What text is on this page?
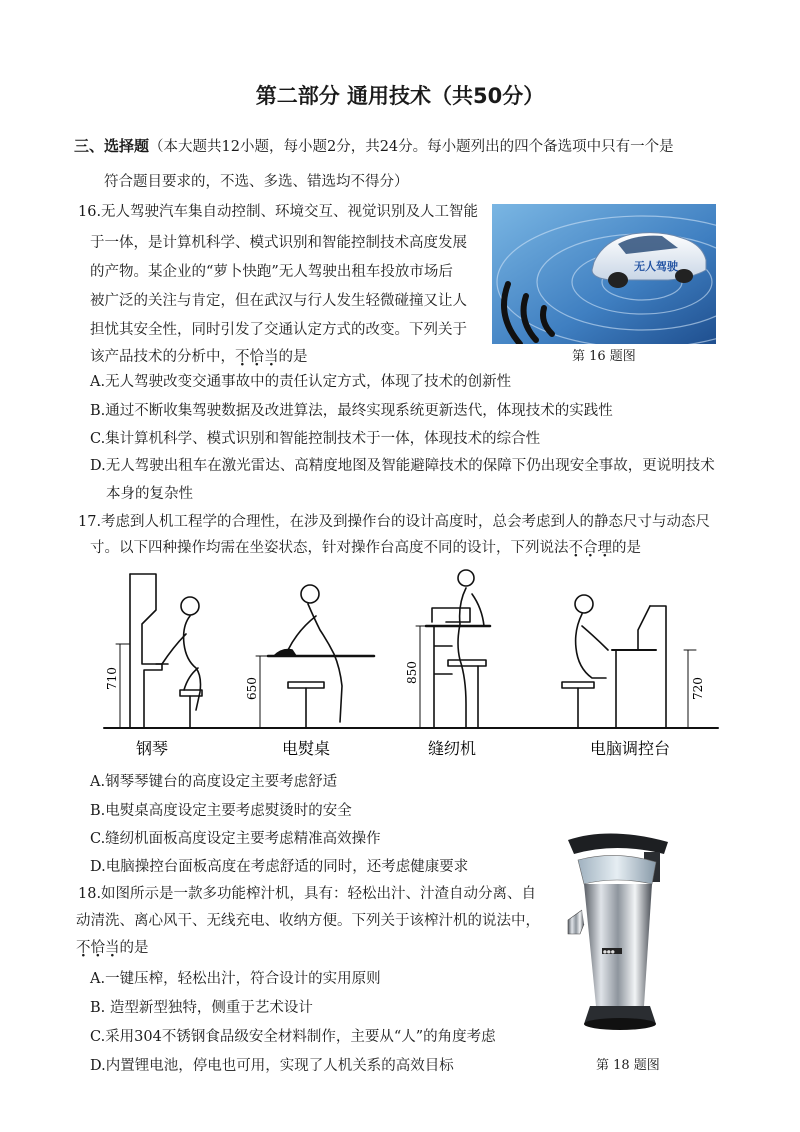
第二部分 通用技术（共50分）
三、选择题（本大题共12小题，每小题2分，共24分。每小题列出的四个备选项中只有一个是
符合题目要求的，不选、多选、错选均不得分）
16.无人驾驶汽车集自动控制、环境交互、视觉识别及人工智能
于一体，是计算机科学、模式识别和智能控制技术高度发展
的产物。某企业的“萝卜快跑”无人驾驶出租车投放市场后
被广泛的关注与肯定，但在武汉与行人发生轻微碰撞又让人
担忧其安全性，同时引发了交通认定方式的改变。下列关于
该产品技术的分析中，不恰当的是
无人驾驶
第 16 题图
A.无人驾驶改变交通事故中的责任认定方式，体现了技术的创新性
B.通过不断收集驾驶数据及改进算法，最终实现系统更新迭代，体现技术的实践性
C.集计算机科学、模式识别和智能控制技术于一体，体现技术的综合性
D.无人驾驶出租车在激光雷达、高精度地图及智能避障技术的保障下仍出现安全事故，更说明技术
本身的复杂性
17.考虑到人机工程学的合理性，在涉及到操作台的设计高度时，总会考虑到人的静态尺寸与动态尺
寸。以下四种操作均需在坐姿状态，针对操作台高度不同的设计，下列说法不合理的是
710	650
850
720
钢琴	电熨桌	缝纫机	电脑调控台
A.钢琴琴键台的高度设定主要考虑舒适
B.电熨桌高度设定主要考虑熨烫时的安全
C.缝纫机面板高度设定主要考虑精准高效操作
D.电脑操控台面板高度在考虑舒适的同时，还考虑健康要求
18.如图所示是一款多功能榨汁机，具有：轻松出汁、汁渣自动分离、自
动清洗、离心风干、无线充电、收纳方便。下列关于该榨汁机的说法中，
不恰当的是
A.一键压榨，轻松出汁，符合设计的实用原则
B. 造型新型独特，侧重于艺术设计
C.采用304不锈钢食品级安全材料制作，主要从“人”的角度考虑
D.内置锂电池，停电也可用，实现了人机关系的高效目标
●●●
第 18 题图
